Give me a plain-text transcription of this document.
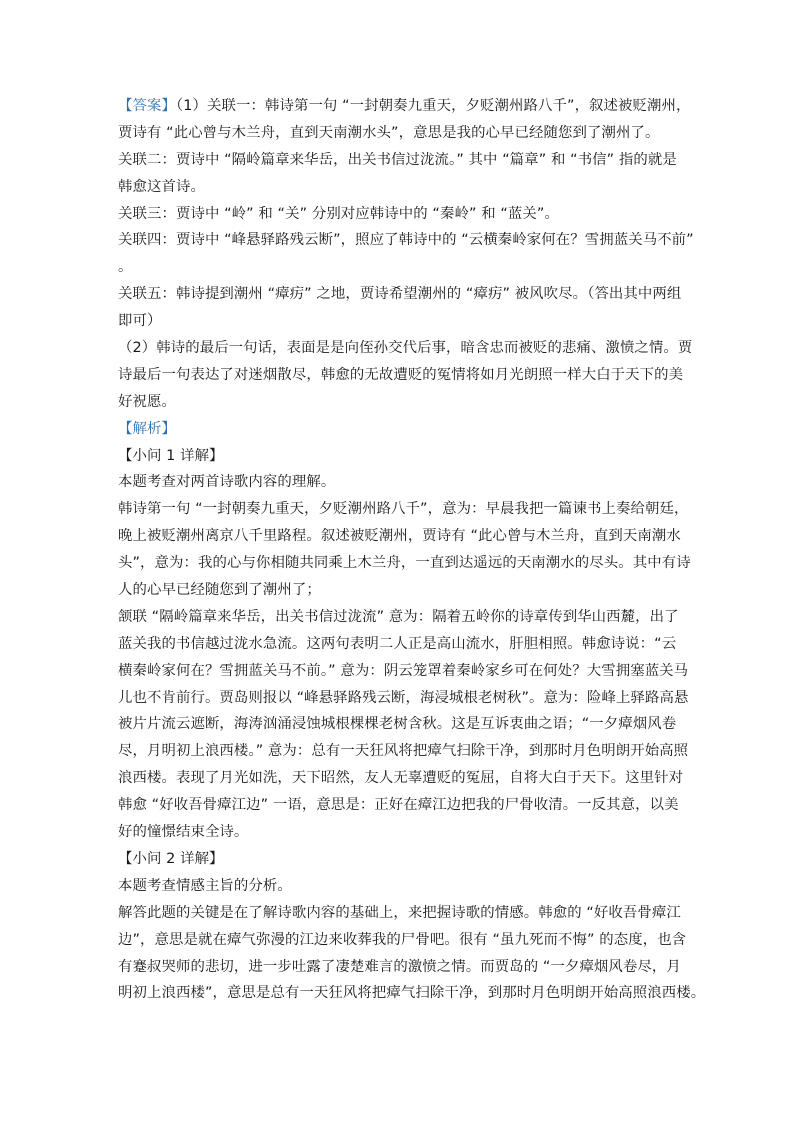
【答案】（1）关联一：韩诗第一句 “一封朝奏九重天，夕贬潮州路八千”，叙述被贬潮州，
贾诗有 “此心曾与木兰舟，直到天南潮水头”，意思是我的心早已经随您到了潮州了。
关联二：贾诗中 “隔岭篇章来华岳，出关书信过泷流。” 其中 “篇章” 和 “书信” 指的就是
韩愈这首诗。
关联三：贾诗中 “岭” 和 “关” 分别对应韩诗中的 “秦岭” 和 “蓝关”。
关联四：贾诗中 “峰悬驿路残云断”，照应了韩诗中的 “云横秦岭家何在？雪拥蓝关马不前”
。
关联五：韩诗提到潮州 “瘴疠” 之地，贾诗希望潮州的 “瘴疠” 被风吹尽。（答出其中两组
即可）
（2）韩诗的最后一句话，表面是是向侄孙交代后事，暗含忠而被贬的悲痛、激愤之情。贾
诗最后一句表达了对迷烟散尽，韩愈的无故遭贬的冤情将如月光朗照一样大白于天下的美
好祝愿。
【解析】
【小问 1 详解】
本题考查对两首诗歌内容的理解。
韩诗第一句 “一封朝奏九重天，夕贬潮州路八千”，意为：早晨我把一篇谏书上奏给朝廷，
晚上被贬潮州离京八千里路程。叙述被贬潮州，贾诗有 “此心曾与木兰舟，直到天南潮水
头”，意为：我的心与你相随共同乘上木兰舟，一直到达遥远的天南潮水的尽头。其中有诗
人的心早已经随您到了潮州了；
颔联 “隔岭篇章来华岳，出关书信过泷流” 意为：隔着五岭你的诗章传到华山西麓，出了
蓝关我的书信越过泷水急流。这两句表明二人正是高山流水，肝胆相照。韩愈诗说：“云
横秦岭家何在？雪拥蓝关马不前。” 意为：阴云笼罩着秦岭家乡可在何处？大雪拥塞蓝关马
儿也不肯前行。贾岛则报以 “峰悬驿路残云断，海浸城根老树秋”。意为：险峰上驿路高悬
被片片流云遮断，海涛汹涌浸蚀城根棵棵老树含秋。这是互诉衷曲之语；“一夕瘴烟风卷
尽，月明初上浪西楼。” 意为：总有一天狂风将把瘴气扫除干净，到那时月色明朗开始高照
浪西楼。表现了月光如洗，天下昭然，友人无辜遭贬的冤屈，自将大白于天下。这里针对
韩愈 “好收吾骨瘴江边” 一语，意思是：正好在瘴江边把我的尸骨收清。一反其意，以美
好的憧憬结束全诗。
【小问 2 详解】
本题考查情感主旨的分析。
解答此题的关键是在了解诗歌内容的基础上，来把握诗歌的情感。韩愈的 “好收吾骨瘴江
边”，意思是就在瘴气弥漫的江边来收葬我的尸骨吧。很有 “虽九死而不悔” 的态度，也含
有蹇叔哭师的悲切，进一步吐露了凄楚难言的激愤之情。而贾岛的 “一夕瘴烟风卷尽，月
明初上浪西楼”，意思是总有一天狂风将把瘴气扫除干净，到那时月色明朗开始高照浪西楼。
